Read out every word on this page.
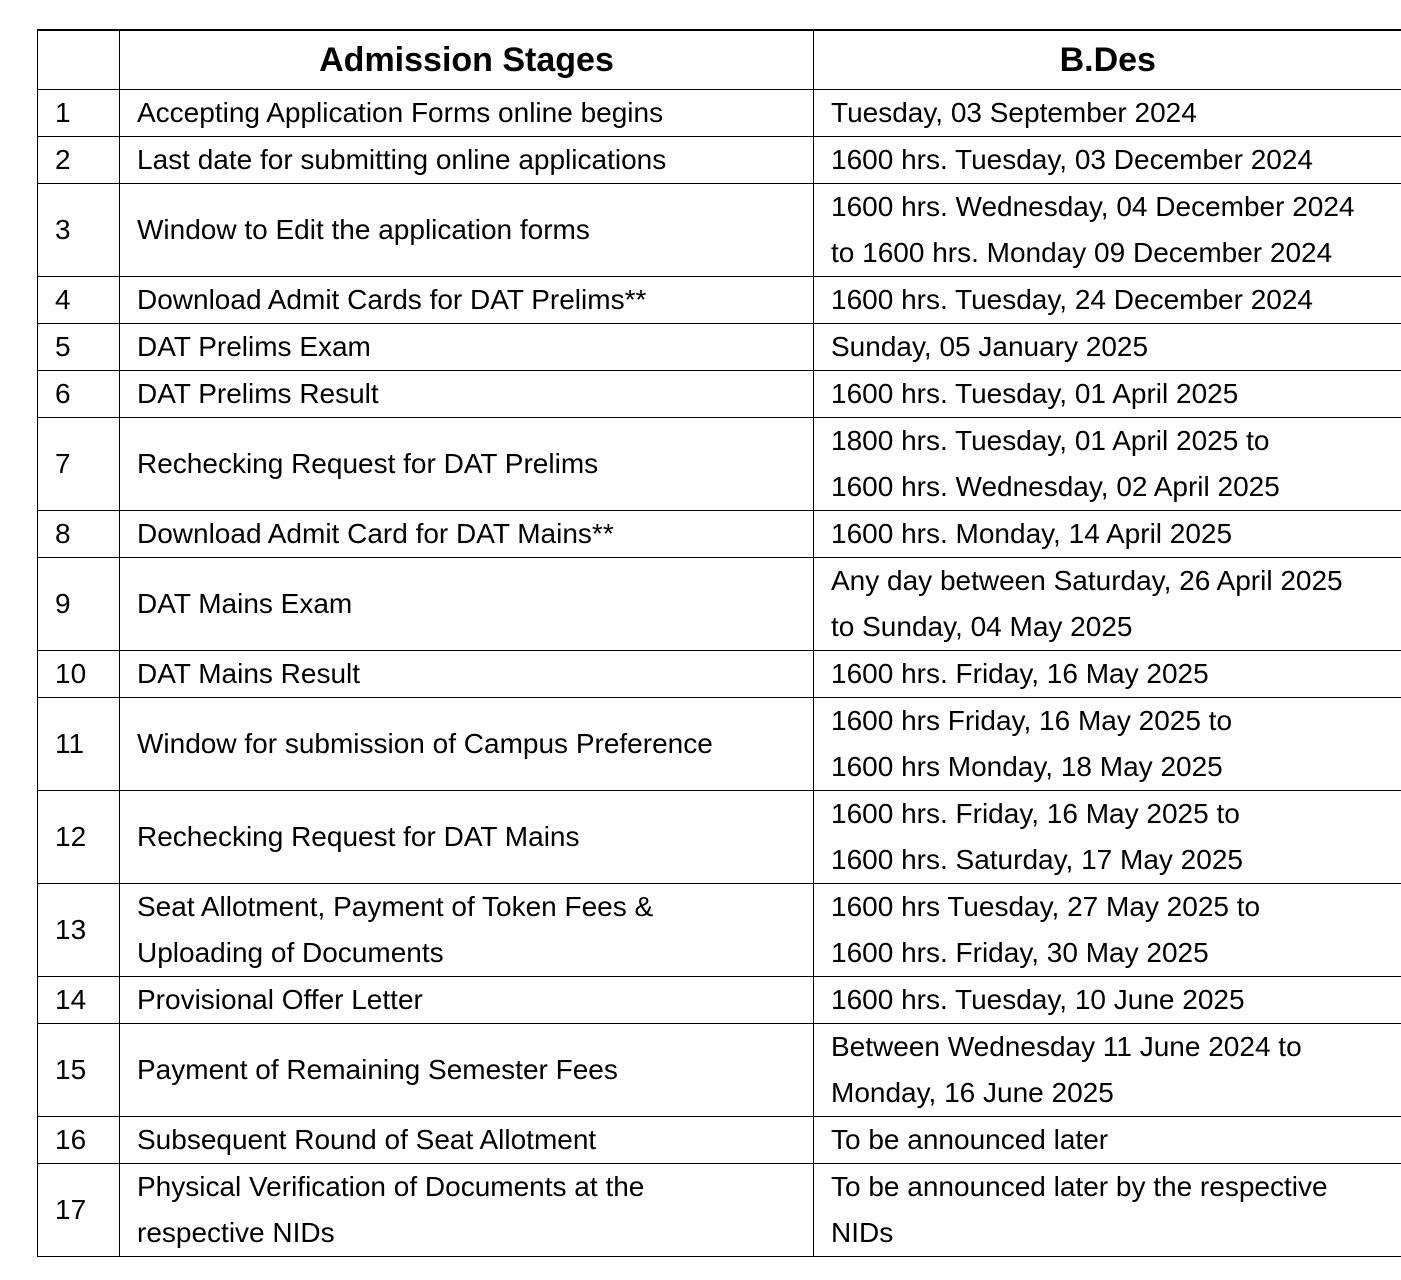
	Admission Stages	B.Des
1	Accepting Application Forms online begins	Tuesday, 03 September 2024

2	Last date for submitting online applications	1600 hrs. Tuesday, 03 December 2024

3	Window to Edit the application forms	1600 hrs. Wednesday, 04 December 2024
to 1600 hrs. Monday 09 December 2024

4	Download Admit Cards for DAT Prelims**	1600 hrs. Tuesday, 24 December 2024

5	DAT Prelims Exam	Sunday, 05 January 2025

6	DAT Prelims Result	1600 hrs. Tuesday, 01 April 2025

7	Rechecking Request for DAT Prelims	1800 hrs. Tuesday, 01 April 2025 to
1600 hrs. Wednesday, 02 April 2025

8	Download Admit Card for DAT Mains**	1600 hrs. Monday, 14 April 2025

9	DAT Mains Exam	Any day between Saturday, 26 April 2025
to Sunday, 04 May 2025

10	DAT Mains Result	1600 hrs. Friday, 16 May 2025

11	Window for submission of Campus Preference	1600 hrs Friday, 16 May 2025 to
1600 hrs Monday, 18 May 2025

12	Rechecking Request for DAT Mains	1600 hrs. Friday, 16 May 2025 to
1600 hrs. Saturday, 17 May 2025

13	Seat Allotment, Payment of Token Fees &
Uploading of Documents	1600 hrs Tuesday, 27 May 2025 to
1600 hrs. Friday, 30 May 2025

14	Provisional Offer Letter	1600 hrs. Tuesday, 10 June 2025

15	Payment of Remaining Semester Fees	Between Wednesday 11 June 2024 to
Monday, 16 June 2025

16	Subsequent Round of Seat Allotment	To be announced later

17	Physical Verification of Documents at the
respective NIDs	To be announced later by the respective
NIDs
